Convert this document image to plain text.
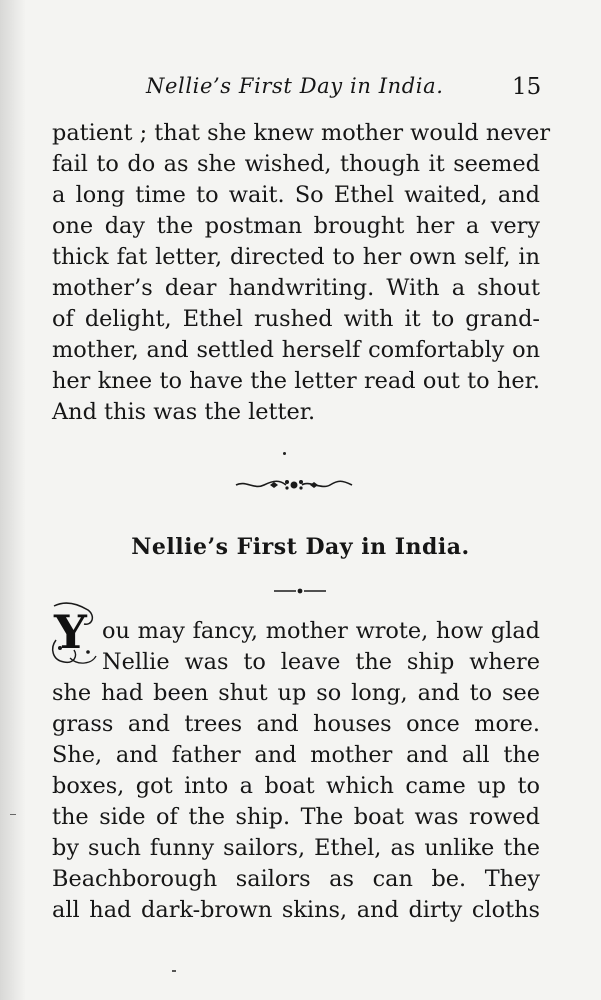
Nellie’s First Day in India.	15
patient ; that she knew mother would never
fail to do as she wished, though it seemed
a long time to wait. So Ethel waited, and
one day the postman brought her a very
thick fat letter, directed to her own self, in
mother’s dear handwriting. With a shout
of delight, Ethel rushed with it to grand-
mother, and settled herself comfortably on
her knee to have the letter read out to her.
And this was the letter.
Nellie’s First Day in India.
Y ou may fancy, mother wrote, how glad
Nellie was to leave the ship where
she had been shut up so long, and to see
grass and trees and houses once more.
She, and father and mother and all the
boxes, got into a boat which came up to
the side of the ship. The boat was rowed
by such funny sailors, Ethel, as unlike the
Beachborough sailors as can be. They
all had dark-brown skins, and dirty cloths
